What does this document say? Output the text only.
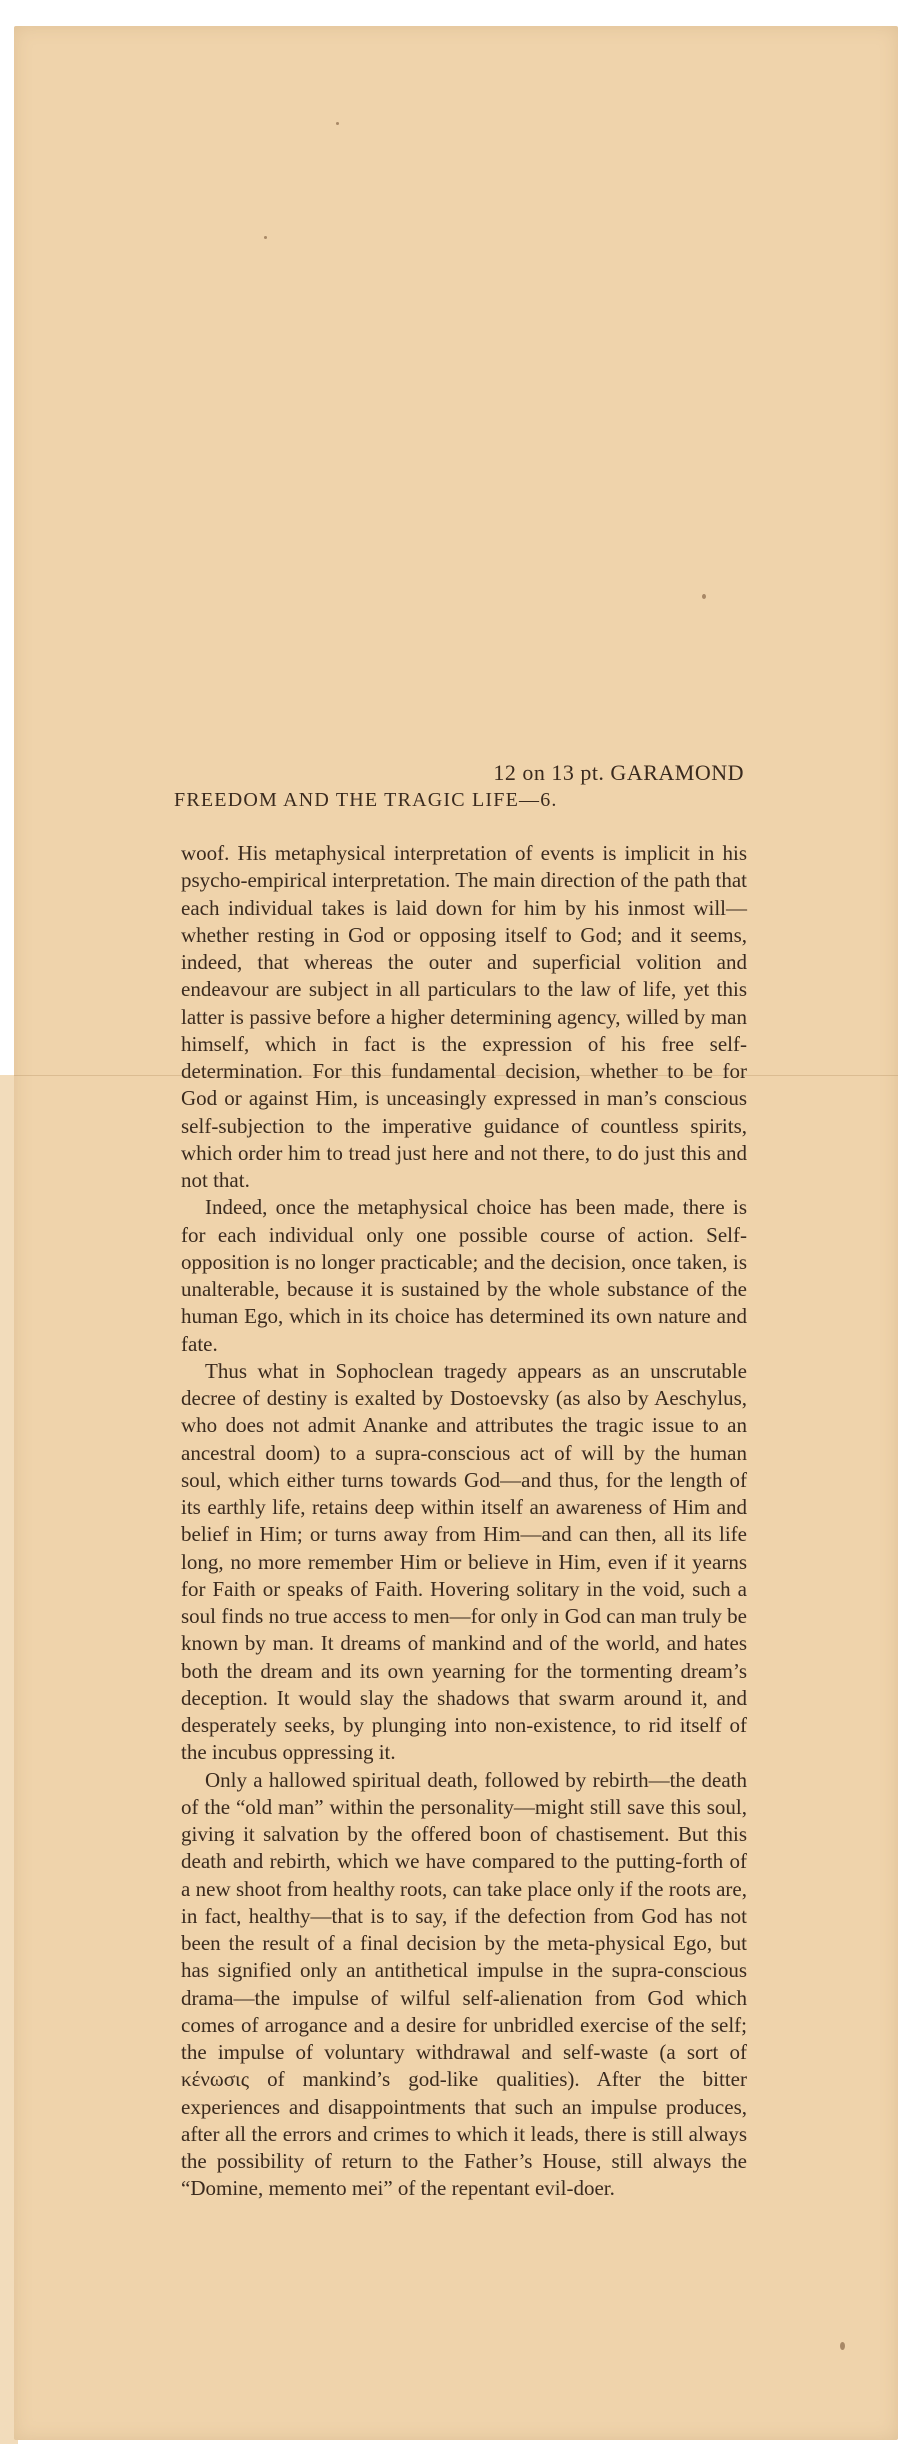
12 on 13 pt. GARAMOND
FREEDOM AND THE TRAGIC LIFE—6.

woof. His metaphysical interpretation of events is implicit in his psycho-empirical interpretation. The main direction of the path that each individual takes is laid down for him by his inmost will—whether resting in God or opposing itself to God; and it seems, indeed, that whereas the outer and superficial volition and endeavour are subject in all particulars to the law of life, yet this latter is passive before a higher determining agency, willed by man himself, which in fact is the expression of his free self-determination. For this fundamental decision, whether to be for God or against Him, is unceasingly expressed in man’s conscious self-subjection to the imperative guidance of countless spirits, which order him to tread just here and not there, to do just this and not that.

Indeed, once the metaphysical choice has been made, there is for each individual only one possible course of action. Self-opposition is no longer practicable; and the decision, once taken, is unalterable, because it is sustained by the whole substance of the human Ego, which in its choice has determined its own nature and fate.

Thus what in Sophoclean tragedy appears as an unscrutable decree of destiny is exalted by Dostoevsky (as also by Aeschylus, who does not admit Ananke and attributes the tragic issue to an ancestral doom) to a supra-conscious act of will by the human soul, which either turns towards God—and thus, for the length of its earthly life, retains deep within itself an awareness of Him and belief in Him; or turns away from Him—and can then, all its life long, no more remember Him or believe in Him, even if it yearns for Faith or speaks of Faith. Hovering solitary in the void, such a soul finds no true access to men—for only in God can man truly be known by man. It dreams of mankind and of the world, and hates both the dream and its own yearning for the tormenting dream’s deception. It would slay the shadows that swarm around it, and desperately seeks, by plunging into non-existence, to rid itself of the incubus oppressing it.

Only a hallowed spiritual death, followed by rebirth—the death of the “old man” within the personality—might still save this soul, giving it salvation by the offered boon of chastisement. But this death and rebirth, which we have compared to the putting-forth of a new shoot from healthy roots, can take place only if the roots are, in fact, healthy—that is to say, if the defection from God has not been the result of a final decision by the meta-physical Ego, but has signified only an antithetical impulse in the supra-conscious drama—the impulse of wilful self-alienation from God which comes of arrogance and a desire for unbridled exercise of the self; the impulse of voluntary withdrawal and self-waste (a sort of κένωσις of mankind’s god-like qualities). After the bitter experiences and disappointments that such an impulse produces, after all the errors and crimes to which it leads, there is still always the possibility of return to the Father’s House, still always the “Domine, memento mei” of the repentant evil-doer.
